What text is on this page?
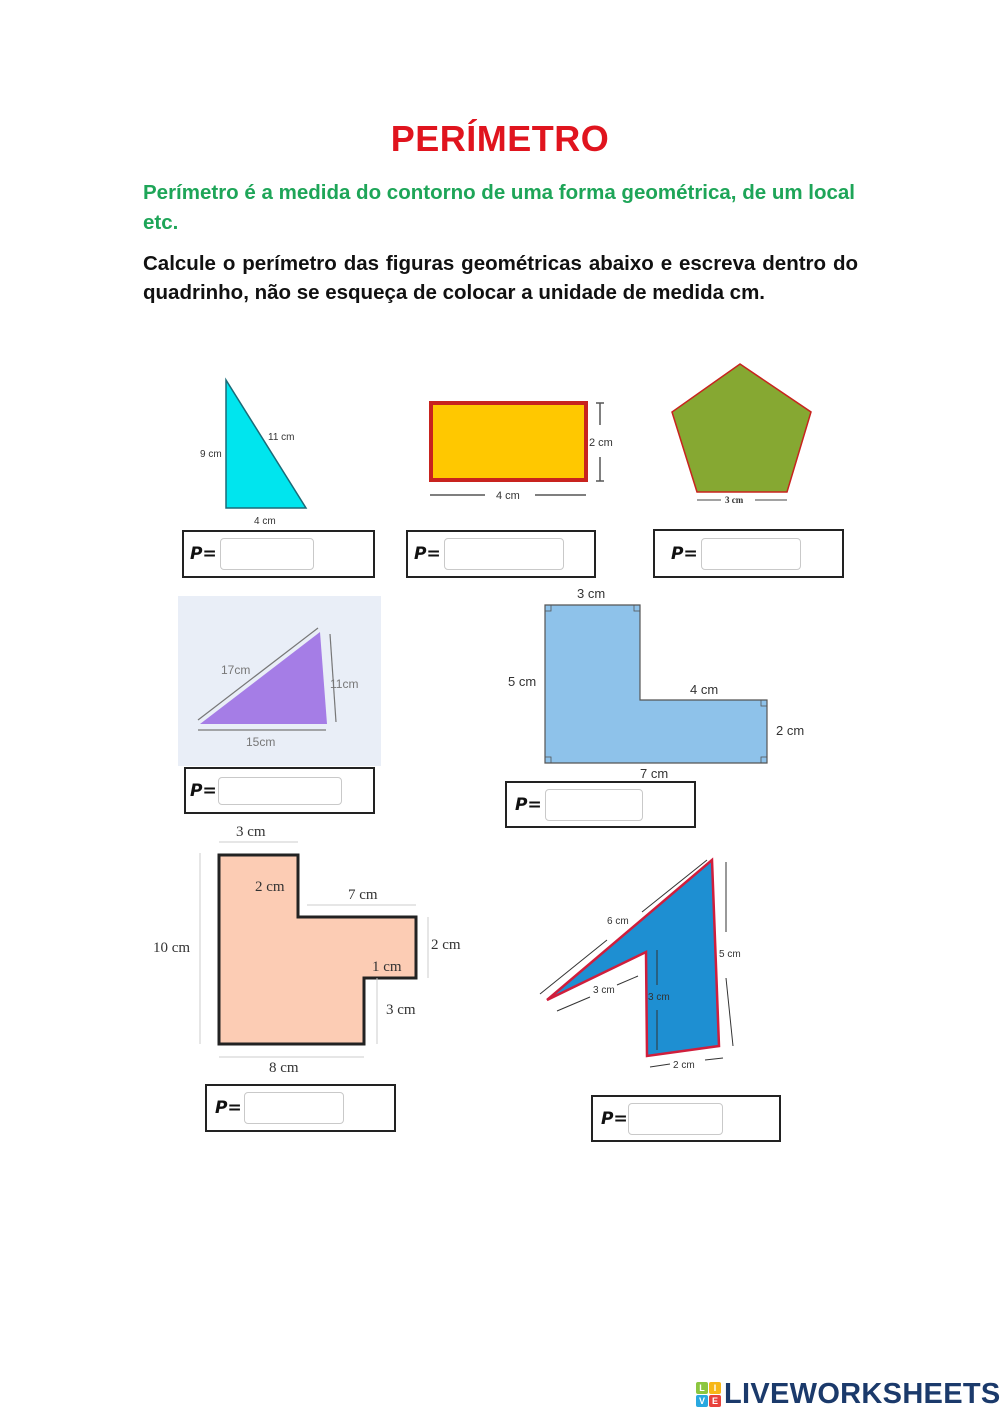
PERÍMETRO
Perímetro é a medida do contorno de uma forma geométrica, de um local etc.
Calcule o perímetro das figuras geométricas abaixo e escreva dentro do quadrinho, não se esqueça de colocar a unidade de medida cm.
9 cm
11 cm
4 cm
P=
2 cm
4 cm
P=
3 cm
P=
17cm
11cm
15cm
P=
3 cm
5 cm
4 cm
2 cm
7 cm
P=
3 cm
2 cm	7 cm
10 cm	2 cm
1 cm
3 cm
8 cm
P=
6 cm
5 cm
3 cm
3 cm
2 cm
P=
L I
V E LIVEWORKSHEETS
